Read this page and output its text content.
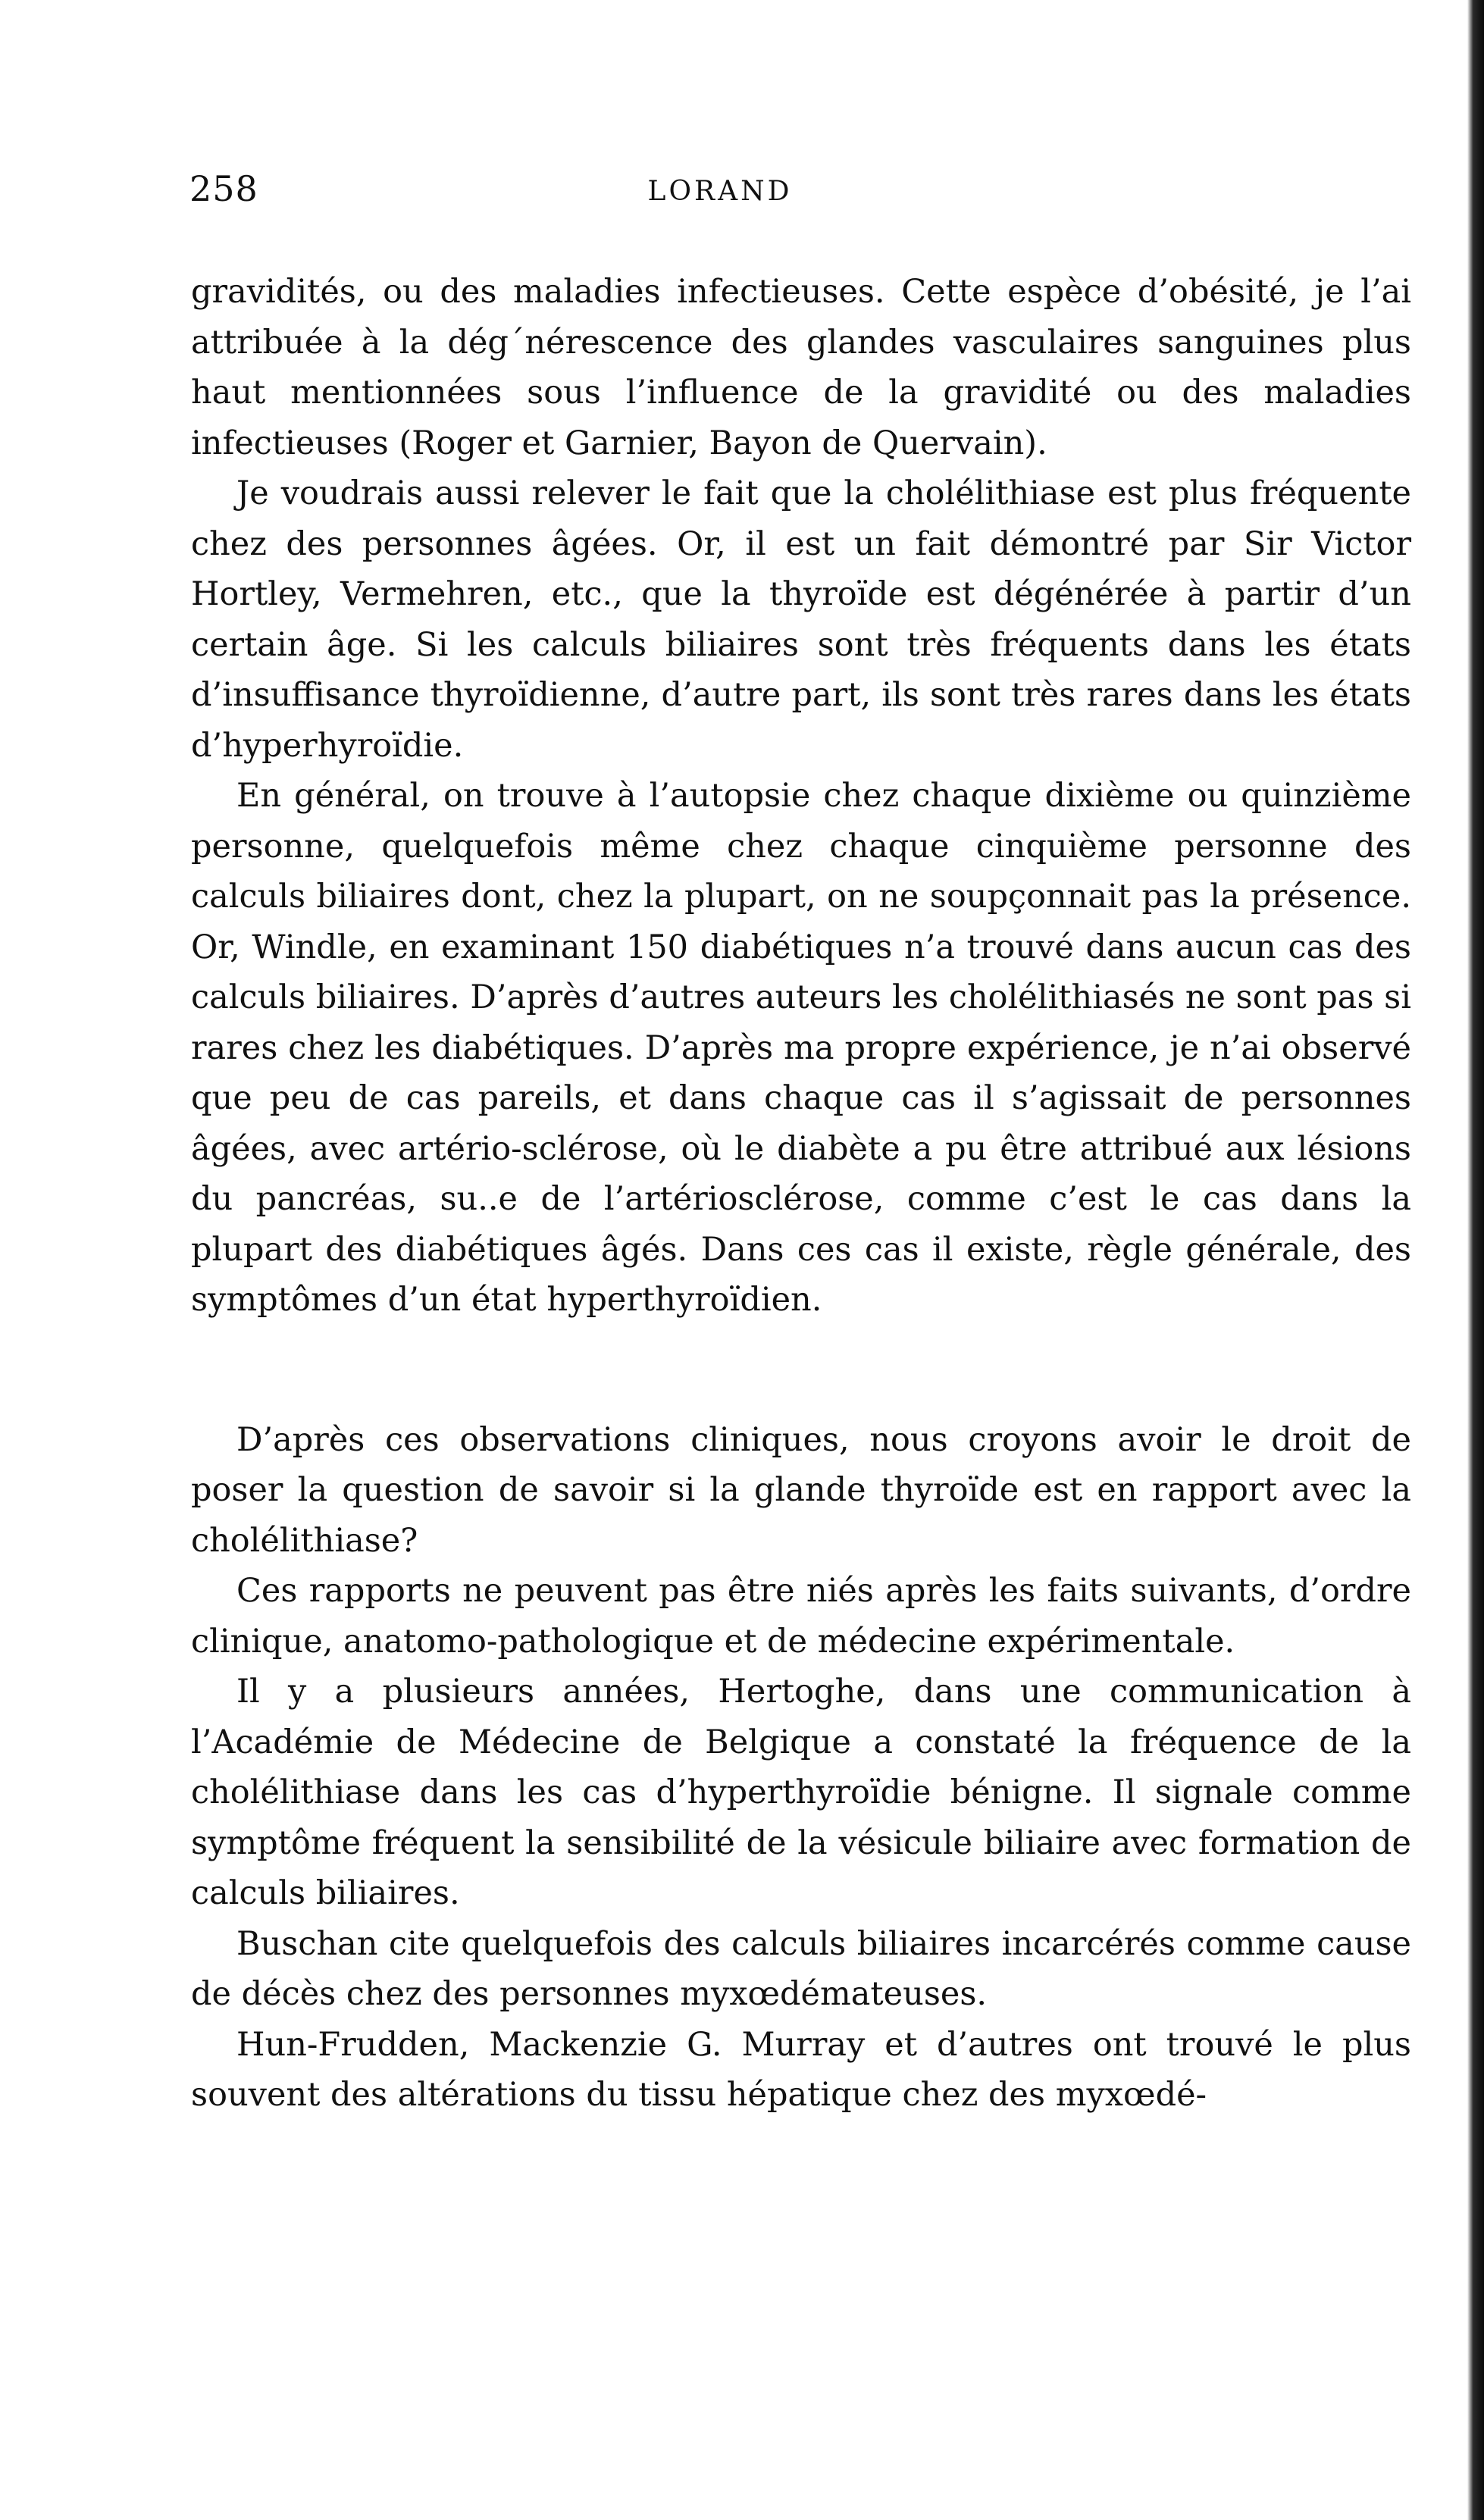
258	LORAND

gravidités, ou des maladies infectieuses. Cette espèce d’obésité, je l’ai attribuée à la dég´nérescence des glandes vasculaires sanguines plus haut mentionnées sous l’influence de la gravidité ou des maladies infectieuses (Roger et Garnier, Bayon de Quervain).

Je voudrais aussi relever le fait que la cholélithiase est plus fréquente chez des personnes âgées. Or, il est un fait démontré par Sir Victor Hortley, Vermehren, etc., que la thyroïde est dégénérée à partir d’un certain âge. Si les calculs biliaires sont très fréquents dans les états d’insuffisance thyroïdienne, d’autre part, ils sont très rares dans les états d’hyperhyroïdie.

En général, on trouve à l’autopsie chez chaque dixième ou quinzième personne, quelquefois même chez chaque cinquième personne des calculs biliaires dont, chez la plupart, on ne soupçonnait pas la présence. Or, Windle, en examinant 150 diabétiques n’a trouvé dans aucun cas des calculs biliaires. D’après d’autres auteurs les cholélithiasés ne sont pas si rares chez les diabétiques. D’après ma propre expérience, je n’ai observé que peu de cas pareils, et dans chaque cas il s’agissait de personnes âgées, avec artério-sclérose, où le diabète a pu être attribué aux lésions du pancréas, su..e de l’artériosclérose, comme c’est le cas dans la plupart des diabétiques âgés. Dans ces cas il existe, règle générale, des symptômes d’un état hyperthyroïdien.

D’après ces observations cliniques, nous croyons avoir le droit de poser la question de savoir si la glande thyroïde est en rapport avec la cholélithiase?

Ces rapports ne peuvent pas être niés après les faits suivants, d’ordre clinique, anatomo-pathologique et de médecine expérimentale.

Il y a plusieurs années, Hertoghe, dans une communication à l’Académie de Médecine de Belgique a constaté la fréquence de la cholélithiase dans les cas d’hyperthyroïdie bénigne. Il signale comme symptôme fréquent la sensibilité de la vésicule biliaire avec formation de calculs biliaires.

Buschan cite quelquefois des calculs biliaires incarcérés comme cause de décès chez des personnes myxœdémateuses.

Hun-Frudden, Mackenzie G. Murray et d’autres ont trouvé le plus souvent des altérations du tissu hépatique chez des myxœdé-
